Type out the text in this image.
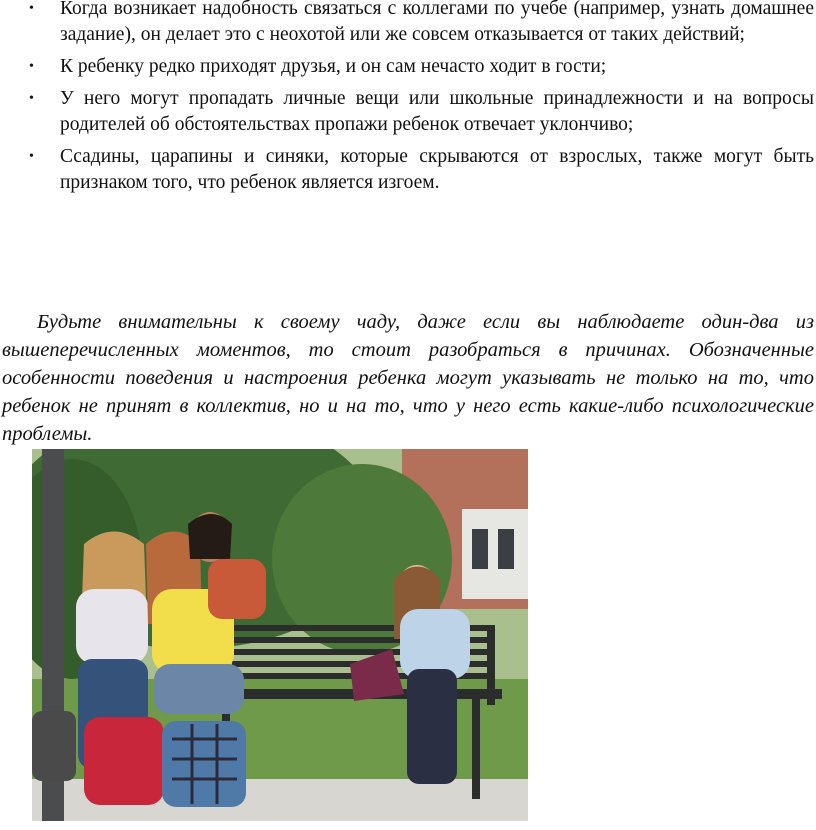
• Когда возникает надобность связаться с коллегами по учебе (например, узнать домашнее задание), он делает это с неохотой или же совсем отказывается от таких действий;
• К ребенку редко приходят друзья, и он сам нечасто ходит в гости;
• У него могут пропадать личные вещи или школьные принадлежности и на вопросы родителей об обстоятельствах пропажи ребенок отвечает уклончиво;
• Ссадины, царапины и синяки, которые скрываются от взрослых, также могут быть признаком того, что ребенок является изгоем.

Будьте внимательны к своему чаду, даже если вы наблюдаете один-два из вышеперечисленных моментов, то стоит разобраться в причинах. Обозначенные особенности поведения и настроения ребенка могут указывать не только на то, что ребенок не принят в коллектив, но и на то, что у него есть какие-либо психологические проблемы.
